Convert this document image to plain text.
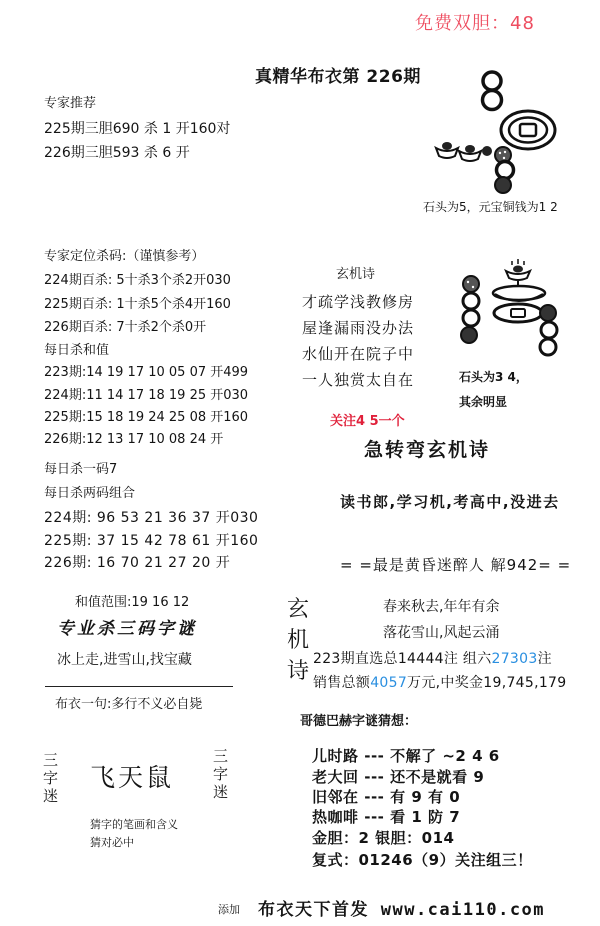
免费双胆：48
真精华布衣第 226期
专家推荐
225期三胆690 杀 1 开160对
226期三胆593 杀 6 开
石头为5，元宝铜钱为1 2
专家定位杀码:（谨慎参考）
224期百杀: 5十杀3个杀2开030
225期百杀: 1十杀5个杀4开160
226期百杀: 7十杀2个杀0开
每日杀和值
223期:14 19 17 10 05 07 开499
224期:11 14 17 18 19 25 开030
225期:15 18 19 24 25 08 开160
226期:12 13 17 10 08 24 开
玄机诗
才疏学浅教修房
屋逢漏雨没办法
水仙开在院子中
一人独赏太自在	石头为3 4，
其余明显
关注4 5一个
急转弯玄机诗
读书郎,学习机,考高中,没进去
= =最是黄昏迷醉人 解942= =
每日杀一码7
每日杀两码组合
224期: 96 53 21 36 37 开030
225期: 37 15 42 78 61 开160
226期: 16 70 21 27 20 开
和值范围:19 16 12
专业杀三码字谜
冰上走,进雪山,找宝藏
布衣一句:多行不义必自毙
玄
机
诗
春来秋去,年年有余
落花雪山,风起云涌
223期直选总14444注 组六27303注
销售总额4057万元,中奖金19,745,179
哥德巴赫字谜猜想：
儿时路 --- 不解了 ~2 4 6
老大回 --- 还不是就看 9
旧邻在 --- 有 9 有 0
热咖啡 --- 看 1 防 7
金胆：2 银胆：014
复式：01246（9）关注组三！
三字迷 飞天鼠 三字迷
猜字的笔画和含义
猜对必中
添加 布衣天下首发 www.cai110.com
